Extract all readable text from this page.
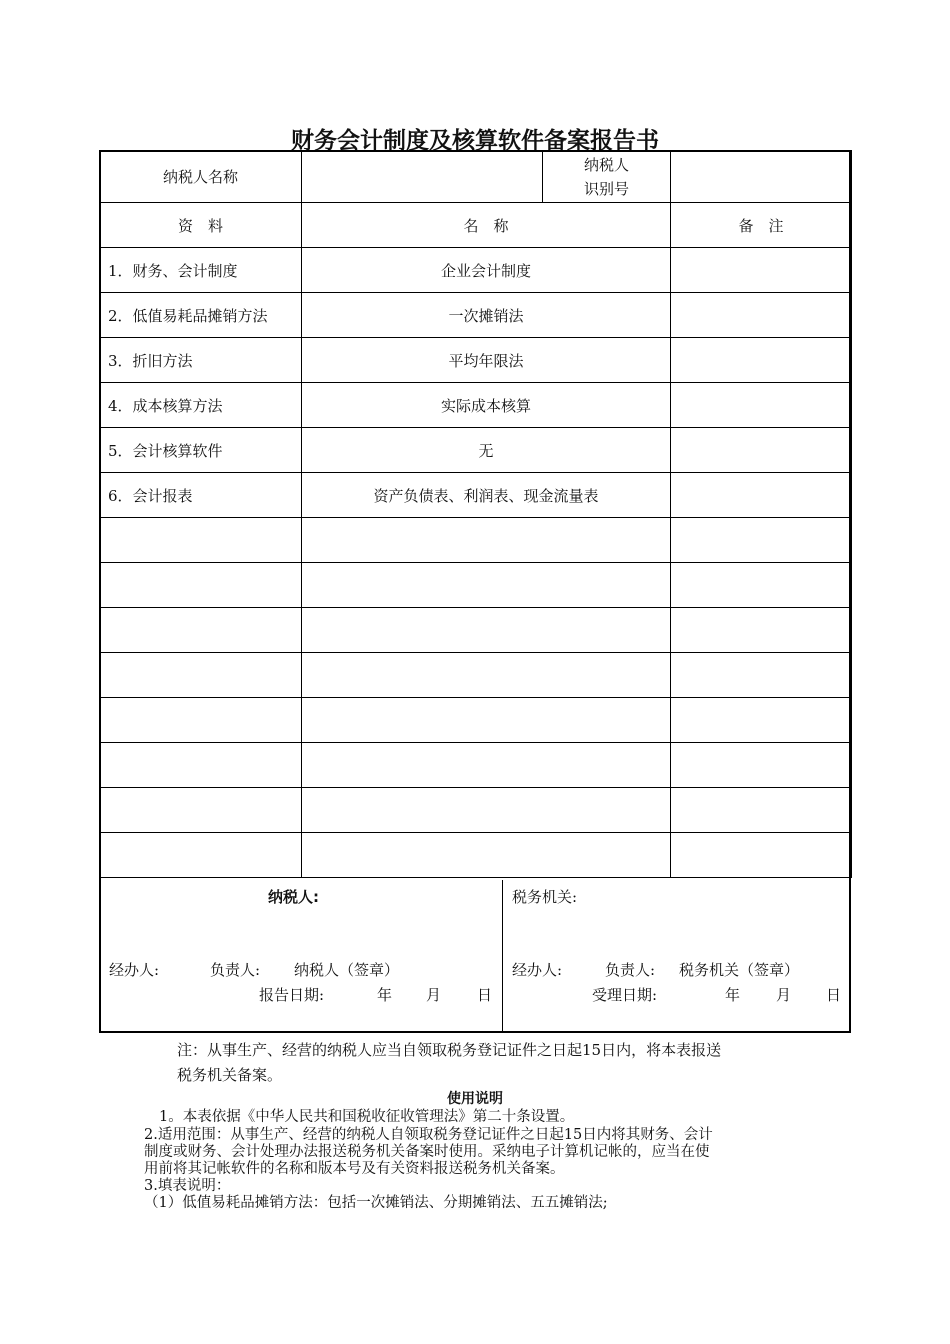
财务会计制度及核算软件备案报告书
纳税人名称		纳税人
识别号	

资　料	名　称		备　注
1．财务、会计制度	企业会计制度		
2．低值易耗品摊销方法	一次摊销法		
3．折旧方法	平均年限法		
4．成本核算方法	实际成本核算		
5．会计核算软件	无		
6．会计报表	资产负债表、利润表、现金流量表		

纳税人:
经办人:	负责人: 纳税人（签章）
报告日期:	年 月 日
税务机关:
经办人:	负责人: 税务机关（签章）
受理日期:	年 月 日
注：从事生产、经营的纳税人应当自领取税务登记证件之日起15日内，将本表报送
税务机关备案。
使用说明
1。本表依据《中华人民共和国税收征收管理法》第二十条设置。
2.适用范围：从事生产、经营的纳税人自领取税务登记证件之日起15日内将其财务、会计
制度或财务、会计处理办法报送税务机关备案时使用。采纳电子计算机记帐的，应当在使
用前将其记帐软件的名称和版本号及有关资料报送税务机关备案。
3.填表说明：
（1）低值易耗品摊销方法：包括一次摊销法、分期摊销法、五五摊销法;
